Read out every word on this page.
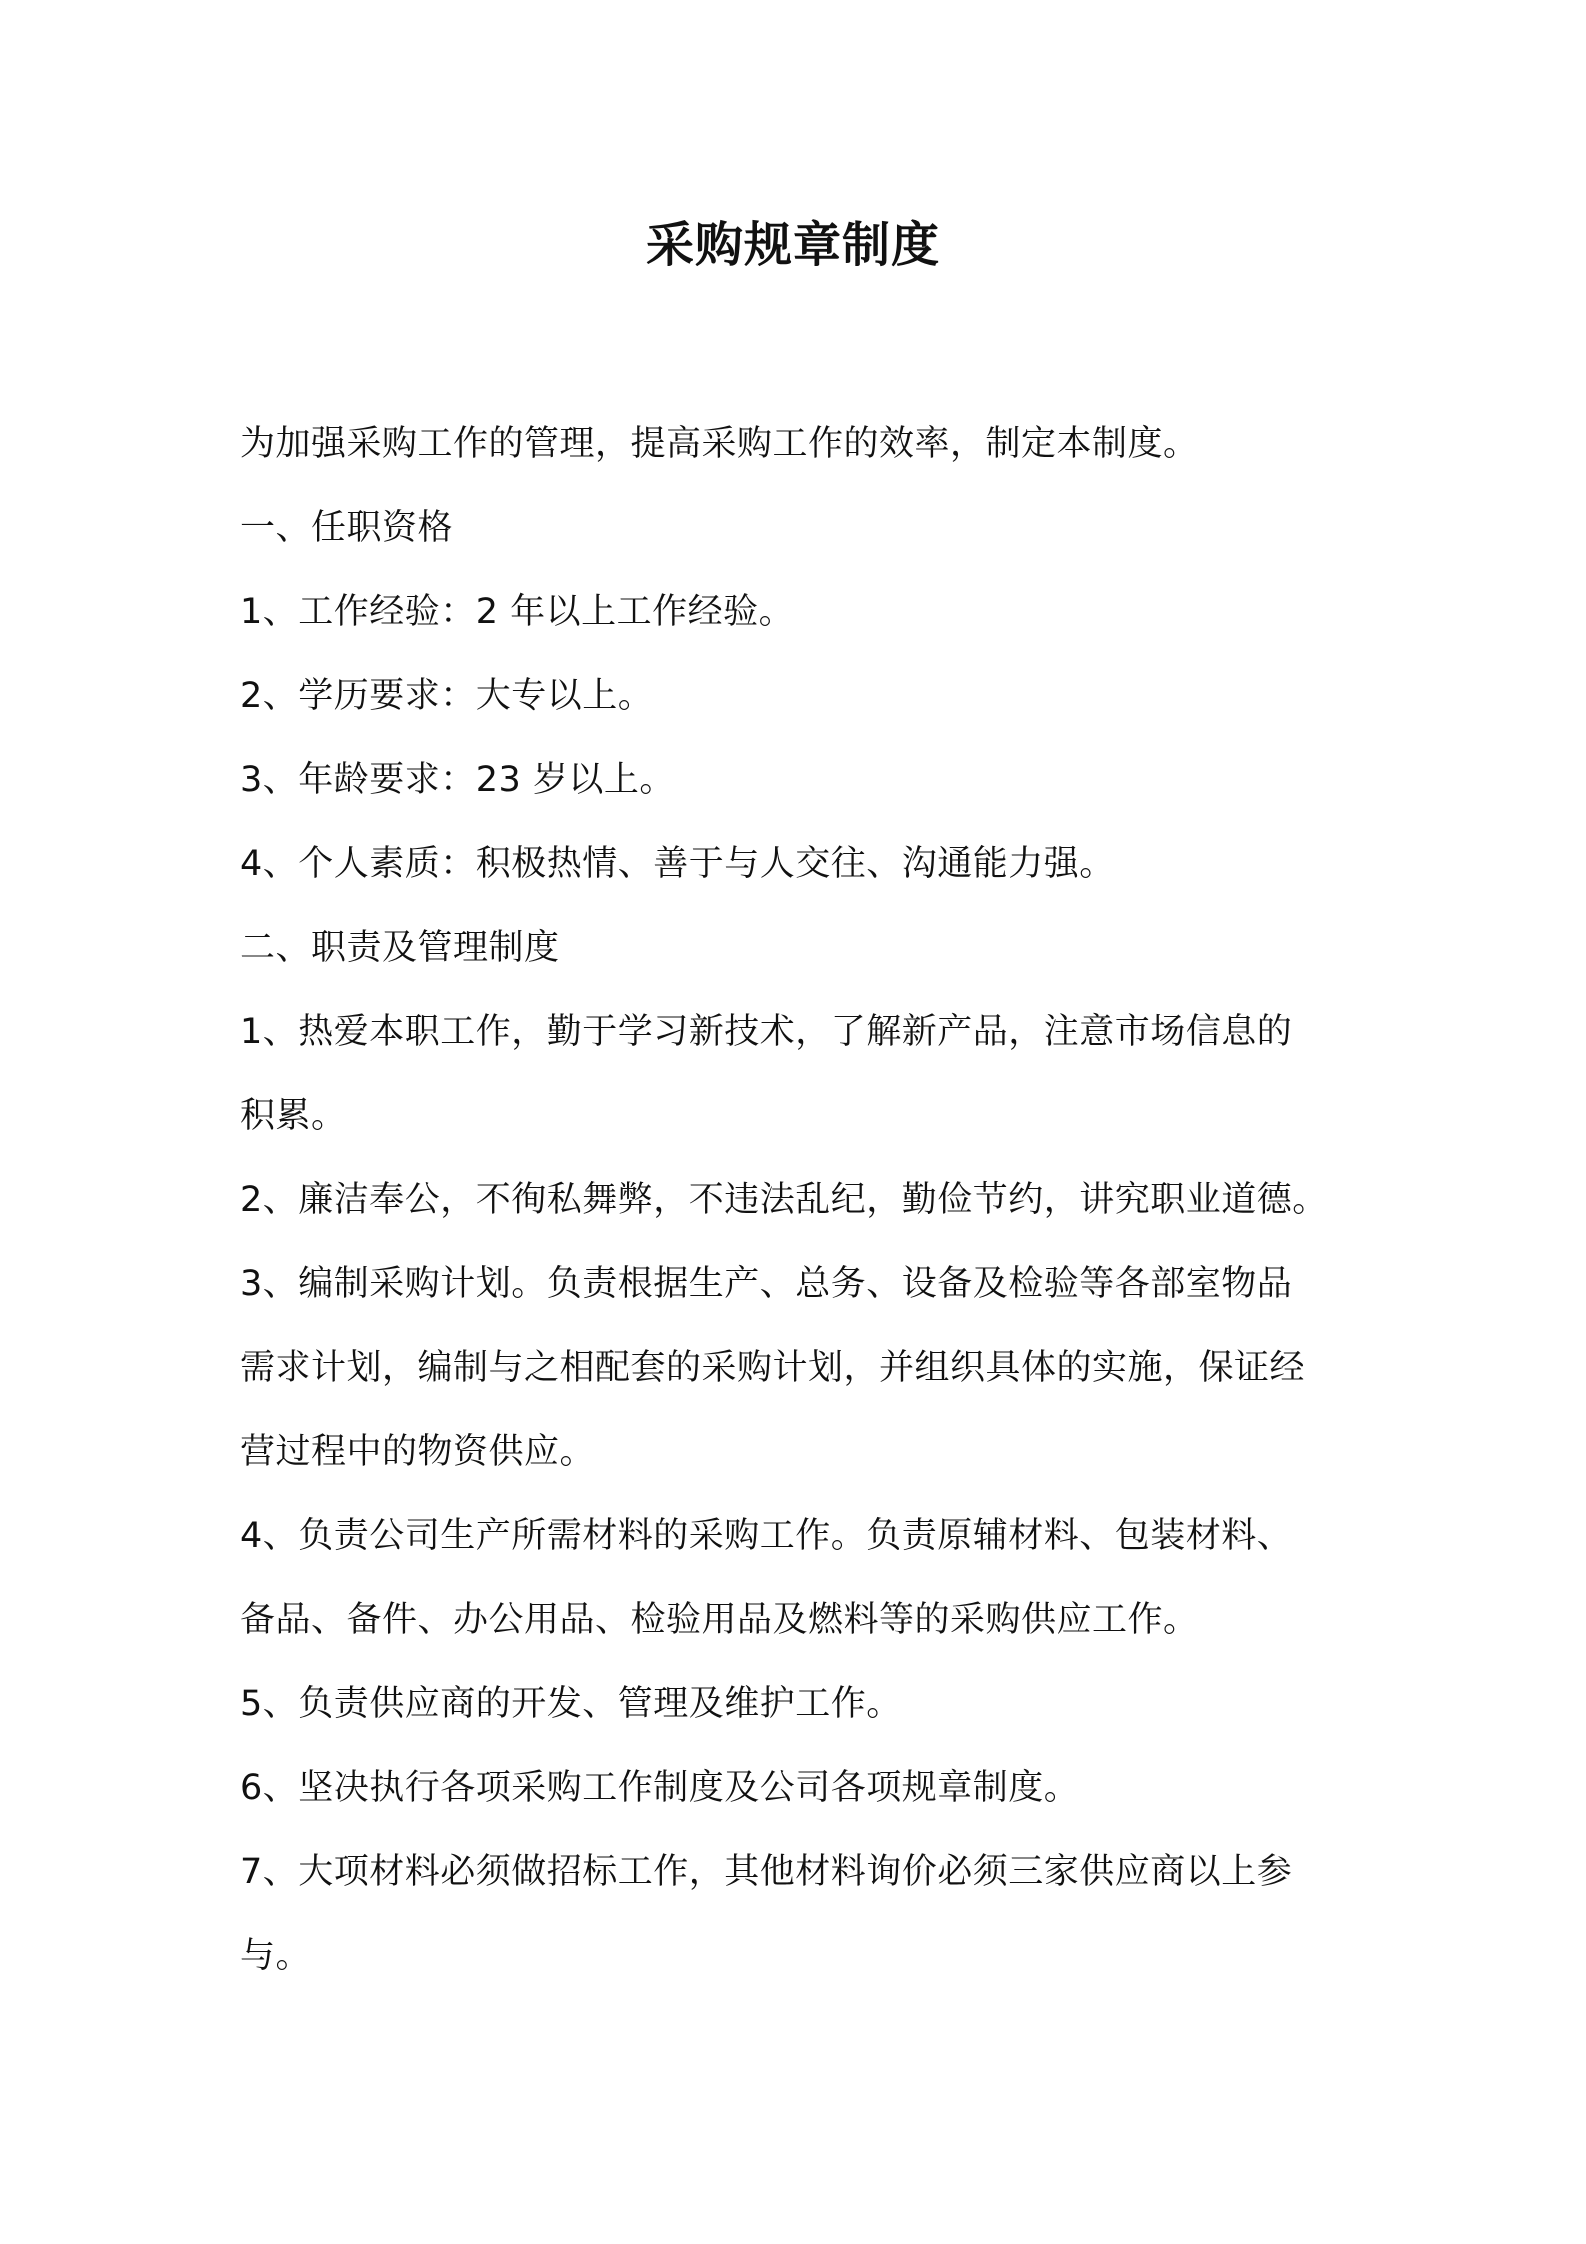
采购规章制度
为加强采购工作的管理，提高采购工作的效率，制定本制度。
一、任职资格
1、工作经验：2 年以上工作经验。
2、学历要求：大专以上。
3、年龄要求：23 岁以上。
4、个人素质：积极热情、善于与人交往、沟通能力强。
二、职责及管理制度
1、热爱本职工作，勤于学习新技术，了解新产品，注意市场信息的
积累。
2、廉洁奉公，不徇私舞弊，不违法乱纪，勤俭节约，讲究职业道德。
3、编制采购计划。负责根据生产、总务、设备及检验等各部室物品
需求计划，编制与之相配套的采购计划，并组织具体的实施，保证经
营过程中的物资供应。
4、负责公司生产所需材料的采购工作。负责原辅材料、包装材料、
备品、备件、办公用品、检验用品及燃料等的采购供应工作。
5、负责供应商的开发、管理及维护工作。
6、坚决执行各项采购工作制度及公司各项规章制度。
7、大项材料必须做招标工作，其他材料询价必须三家供应商以上参
与。
